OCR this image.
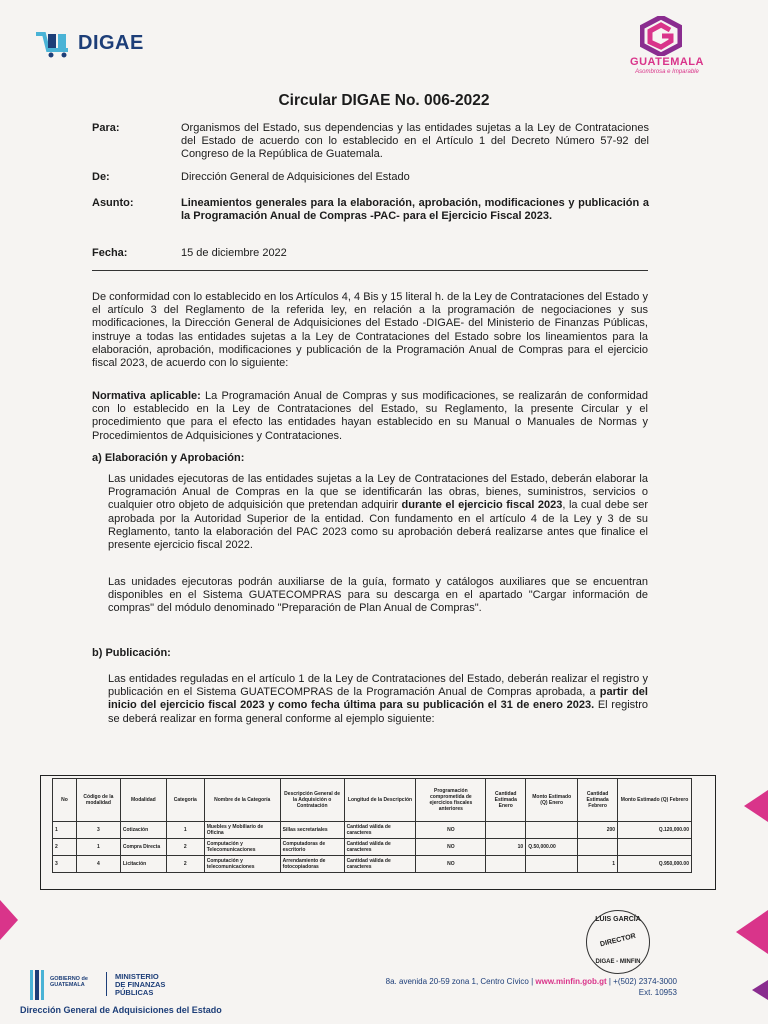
DIGAE
GUATEMALA
Asombrosa e Imparable
Circular DIGAE No. 006-2022
Para:	Organismos del Estado, sus dependencias y las entidades sujetas a la Ley de Contrataciones del Estado de acuerdo con lo establecido en el Artículo 1 del Decreto Número 57-92 del Congreso de la República de Guatemala.
De:	Dirección General de Adquisiciones del Estado
Asunto:	Lineamientos generales para la elaboración, aprobación, modificaciones y publicación a la Programación Anual de Compras -PAC- para el Ejercicio Fiscal 2023.
Fecha:	15 de diciembre 2022
De conformidad con lo establecido en los Artículos 4, 4 Bis y 15 literal h. de la Ley de Contrataciones del Estado y el artículo 3 del Reglamento de la referida ley, en relación a la programación de negociaciones y sus modificaciones, la Dirección General de Adquisiciones del Estado -DIGAE- del Ministerio de Finanzas Públicas, instruye a todas las entidades sujetas a la Ley de Contrataciones del Estado sobre los lineamientos para la elaboración, aprobación, modificaciones y publicación de la Programación Anual de Compras para el ejercicio fiscal 2023, de acuerdo con lo siguiente:
Normativa aplicable: La Programación Anual de Compras y sus modificaciones, se realizarán de conformidad con lo establecido en la Ley de Contrataciones del Estado, su Reglamento, la presente Circular y el procedimiento que para el efecto las entidades hayan establecido en su Manual o Manuales de Normas y Procedimientos de Adquisiciones y Contrataciones.
a) Elaboración y Aprobación:
Las unidades ejecutoras de las entidades sujetas a la Ley de Contrataciones del Estado, deberán elaborar la Programación Anual de Compras en la que se identificarán las obras, bienes, suministros, servicios o cualquier otro objeto de adquisición que pretendan adquirir durante el ejercicio fiscal 2023, la cual debe ser aprobada por la Autoridad Superior de la entidad. Con fundamento en el artículo 4 de la Ley y 3 de su Reglamento, tanto la elaboración del PAC 2023 como su aprobación deberá realizarse antes que finalice el presente ejercicio fiscal 2022.
Las unidades ejecutoras podrán auxiliarse de la guía, formato y catálogos auxiliares que se encuentran disponibles en el Sistema GUATECOMPRAS para su descarga en el apartado "Cargar información de compras" del módulo denominado "Preparación de Plan Anual de Compras".
b) Publicación:
Las entidades reguladas en el artículo 1 de la Ley de Contrataciones del Estado, deberán realizar el registro y publicación en el Sistema GUATECOMPRAS de la Programación Anual de Compras aprobada, a partir del inicio del ejercicio fiscal 2023 y como fecha última para su publicación el 31 de enero 2023. El registro se deberá realizar en forma general conforme al ejemplo siguiente:
No	Código de la modalidad	Modalidad	Categoría	Nombre de la Categoría	Descripción General de la Adquisición o Contratación	Longitud de la Descripción	Programación comprometida de ejercicios fiscales anteriores	Cantidad Estimada Enero	Monto Estimado (Q) Enero	Cantidad Estimada Febrero	Monto Estimado (Q) Febrero
1	3	Cotización	1	Muebles y Mobiliario de Oficina	Sillas secretariales	Cantidad válida de caracteres	NO			200	Q.120,000.00
2	1	Compra Directa	2	Computación y Telecomunicaciones	Computadoras de escritorio	Cantidad válida de caracteres	NO	10	Q.50,000.00		
3	4	Licitación	2	Computación y telecomunicaciones	Arrendamiento de fotocopiadoras	Cantidad válida de caracteres	NO			1	Q.950,000.00
LUIS GARCÍA
DIRECTOR
DIGAE - MINFIN
GOBIERNO de
GUATEMALA
MINISTERIO
DE FINANZAS
PÚBLICAS
Dirección General de Adquisiciones del Estado
8a. avenida 20-59 zona 1, Centro Cívico | www.minfin.gob.gt | +(502) 2374-3000
Ext. 10953
